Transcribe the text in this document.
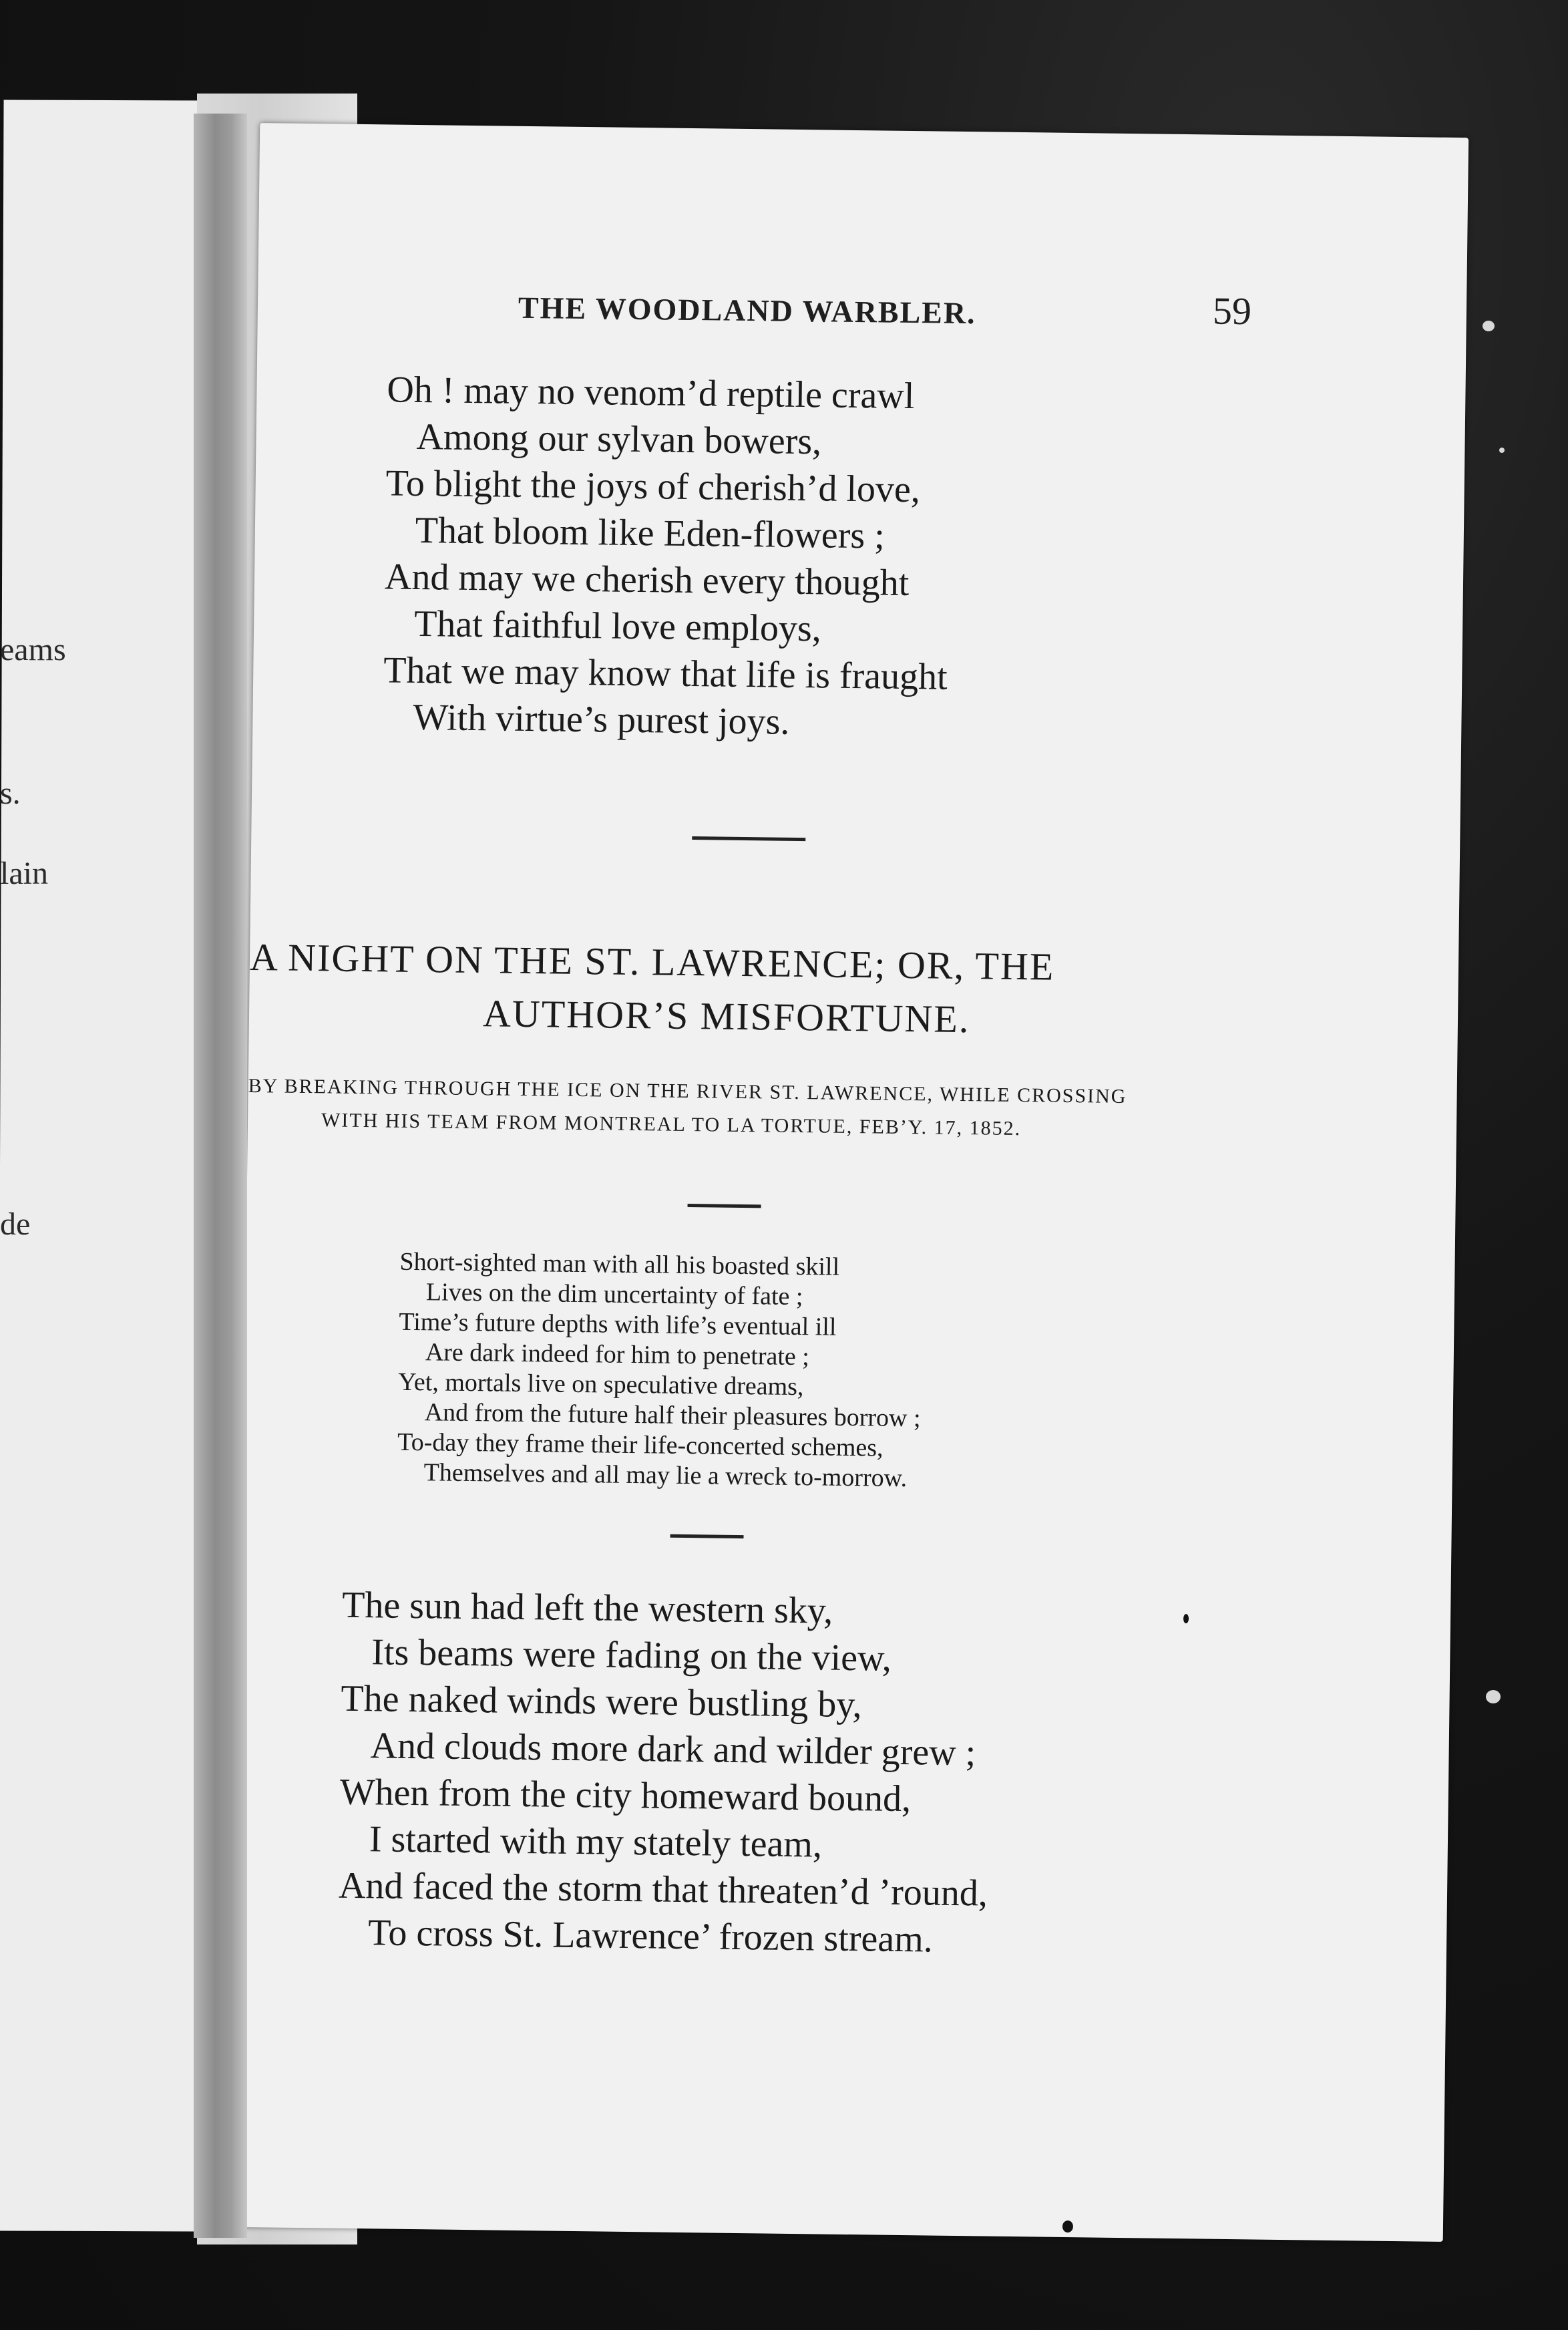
eams
s.
lain
de
THE WOODLAND WARBLER.	59
Oh ! may no venom’d reptile crawl
Among our sylvan bowers,
To blight the joys of cherish’d love,
That bloom like Eden-flowers ;
And may we cherish every thought
That faithful love employs,
That we may know that life is fraught
With virtue’s purest joys.
A NIGHT ON THE ST. LAWRENCE; OR, THE
AUTHOR’S MISFORTUNE.
BY BREAKING THROUGH THE ICE ON THE RIVER ST. LAWRENCE, WHILE CROSSING
WITH HIS TEAM FROM MONTREAL TO LA TORTUE, FEB’Y. 17, 1852.
Short-sighted man with all his boasted skill
Lives on the dim uncertainty of fate ;
Time’s future depths with life’s eventual ill
Are dark indeed for him to penetrate ;
Yet, mortals live on speculative dreams,
And from the future half their pleasures borrow ;
To-day they frame their life-concerted schemes,
Themselves and all may lie a wreck to-morrow.
The sun had left the western sky,
Its beams were fading on the view,
The naked winds were bustling by,
And clouds more dark and wilder grew ;
When from the city homeward bound,
I started with my stately team,
And faced the storm that threaten’d ’round,
To cross St. Lawrence’ frozen stream.
